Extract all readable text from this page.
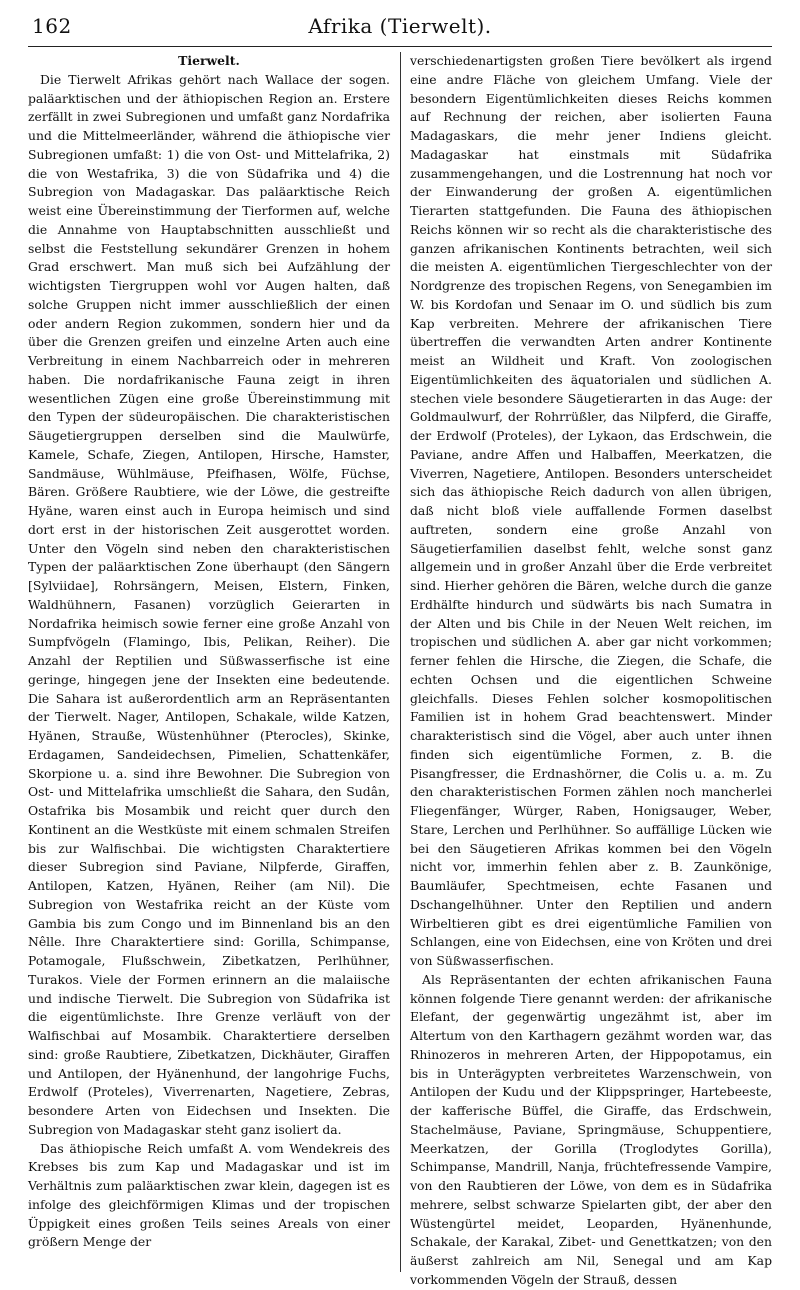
162	Afrika (Tierwelt).

Tierwelt.

Die Tierwelt Afrikas gehört nach Wallace der sogen. paläarktischen und der äthiopischen Region an. Erstere zerfällt in zwei Subregionen und umfaßt ganz Nordafrika und die Mittelmeerländer, während die äthiopische vier Subregionen umfaßt: 1) die von Ost- und Mittelafrika, 2) die von Westafrika, 3) die von Südafrika und 4) die Subregion von Madagaskar. Das paläarktische Reich weist eine Übereinstimmung der Tierformen auf, welche die Annahme von Hauptabschnitten ausschließt und selbst die Feststellung sekundärer Grenzen in hohem Grad erschwert. Man muß sich bei Aufzählung der wichtigsten Tiergruppen wohl vor Augen halten, daß solche Gruppen nicht immer ausschließlich der einen oder andern Region zukommen, sondern hier und da über die Grenzen greifen und einzelne Arten auch eine Verbreitung in einem Nachbarreich oder in mehreren haben. Die nordafrikanische Fauna zeigt in ihren wesentlichen Zügen eine große Übereinstimmung mit den Typen der südeuropäischen. Die charakteristischen Säugetiergruppen derselben sind die Maulwürfe, Kamele, Schafe, Ziegen, Antilopen, Hirsche, Hamster, Sandmäuse, Wühlmäuse, Pfeifhasen, Wölfe, Füchse, Bären. Größere Raubtiere, wie der Löwe, die gestreifte Hyäne, waren einst auch in Europa heimisch und sind dort erst in der historischen Zeit ausgerottet worden. Unter den Vögeln sind neben den charakteristischen Typen der paläarktischen Zone überhaupt (den Sängern [Sylviidae], Rohrsängern, Meisen, Elstern, Finken, Waldhühnern, Fasanen) vorzüglich Geierarten in Nordafrika heimisch sowie ferner eine große Anzahl von Sumpfvögeln (Flamingo, Ibis, Pelikan, Reiher). Die Anzahl der Reptilien und Süßwasserfische ist eine geringe, hingegen jene der Insekten eine bedeutende. Die Sahara ist außerordentlich arm an Repräsentanten der Tierwelt. Nager, Antilopen, Schakale, wilde Katzen, Hyänen, Strauße, Wüstenhühner (Pterocles), Skinke, Erdagamen, Sandeidechsen, Pimelien, Schattenkäfer, Skorpione u. a. sind ihre Bewohner. Die Subregion von Ost- und Mittelafrika umschließt die Sahara, den Sudân, Ostafrika bis Mosambik und reicht quer durch den Kontinent an die Westküste mit einem schmalen Streifen bis zur Walfischbai. Die wichtigsten Charaktertiere dieser Subregion sind Paviane, Nilpferde, Giraffen, Antilopen, Katzen, Hyänen, Reiher (am Nil). Die Subregion von Westafrika reicht an der Küste vom Gambia bis zum Congo und im Binnenland bis an den Nêlle. Ihre Charaktertiere sind: Gorilla, Schimpanse, Potamogale, Flußschwein, Zibetkatzen, Perlhühner, Turakos. Viele der Formen erinnern an die malaiische und indische Tierwelt. Die Subregion von Südafrika ist die eigentümlichste. Ihre Grenze verläuft von der Walfischbai auf Mosambik. Charaktertiere derselben sind: große Raubtiere, Zibetkatzen, Dickhäuter, Giraffen und Antilopen, der Hyänenhund, der langohrige Fuchs, Erdwolf (Proteles), Viverrenarten, Nagetiere, Zebras, besondere Arten von Eidechsen und Insekten. Die Subregion von Madagaskar steht ganz isoliert da.

Das äthiopische Reich umfaßt A. vom Wendekreis des Krebses bis zum Kap und Madagaskar und ist im Verhältnis zum paläarktischen zwar klein, dagegen ist es infolge des gleichförmigen Klimas und der tropischen Üppigkeit eines großen Teils seines Areals von einer größern Menge der

verschiedenartigsten großen Tiere bevölkert als irgend eine andre Fläche von gleichem Umfang. Viele der besondern Eigentümlichkeiten dieses Reichs kommen auf Rechnung der reichen, aber isolierten Fauna Madagaskars, die mehr jener Indiens gleicht. Madagaskar hat einstmals mit Südafrika zusammengehangen, und die Lostrennung hat noch vor der Einwanderung der großen A. eigentümlichen Tierarten stattgefunden. Die Fauna des äthiopischen Reichs können wir so recht als die charakteristische des ganzen afrikanischen Kontinents betrachten, weil sich die meisten A. eigentümlichen Tiergeschlechter von der Nordgrenze des tropischen Regens, von Senegambien im W. bis Kordofan und Senaar im O. und südlich bis zum Kap verbreiten. Mehrere der afrikanischen Tiere übertreffen die verwandten Arten andrer Kontinente meist an Wildheit und Kraft. Von zoologischen Eigentümlichkeiten des äquatorialen und südlichen A. stechen viele besondere Säugetierarten in das Auge: der Goldmaulwurf, der Rohrrüßler, das Nilpferd, die Giraffe, der Erdwolf (Proteles), der Lykaon, das Erdschwein, die Paviane, andre Affen und Halbaffen, Meerkatzen, die Viverren, Nagetiere, Antilopen. Besonders unterscheidet sich das äthiopische Reich dadurch von allen übrigen, daß nicht bloß viele auffallende Formen daselbst auftreten, sondern eine große Anzahl von Säugetierfamilien daselbst fehlt, welche sonst ganz allgemein und in großer Anzahl über die Erde verbreitet sind. Hierher gehören die Bären, welche durch die ganze Erdhälfte hindurch und südwärts bis nach Sumatra in der Alten und bis Chile in der Neuen Welt reichen, im tropischen und südlichen A. aber gar nicht vorkommen; ferner fehlen die Hirsche, die Ziegen, die Schafe, die echten Ochsen und die eigentlichen Schweine gleichfalls. Dieses Fehlen solcher kosmopolitischen Familien ist in hohem Grad beachtenswert. Minder charakteristisch sind die Vögel, aber auch unter ihnen finden sich eigentümliche Formen, z. B. die Pisangfresser, die Erdnashörner, die Colis u. a. m. Zu den charakteristischen Formen zählen noch mancherlei Fliegenfänger, Würger, Raben, Honigsauger, Weber, Stare, Lerchen und Perlhühner. So auffällige Lücken wie bei den Säugetieren Afrikas kommen bei den Vögeln nicht vor, immerhin fehlen aber z. B. Zaunkönige, Baumläufer, Spechtmeisen, echte Fasanen und Dschangelhühner. Unter den Reptilien und andern Wirbeltieren gibt es drei eigentümliche Familien von Schlangen, eine von Eidechsen, eine von Kröten und drei von Süßwasserfischen.

Als Repräsentanten der echten afrikanischen Fauna können folgende Tiere genannt werden: der afrikanische Elefant, der gegenwärtig ungezähmt ist, aber im Altertum von den Karthagern gezähmt worden war, das Rhinozeros in mehreren Arten, der Hippopotamus, ein bis in Unterägypten verbreitetes Warzenschwein, von Antilopen der Kudu und der Klippspringer, Hartebeeste, der kafferische Büffel, die Giraffe, das Erdschwein, Stachelmäuse, Paviane, Springmäuse, Schuppentiere, Meerkatzen, der Gorilla (Troglodytes Gorilla), Schimpanse, Mandrill, Nanja, früchtefressende Vampire, von den Raubtieren der Löwe, von dem es in Südafrika mehrere, selbst schwarze Spielarten gibt, der aber den Wüstengürtel meidet, Leoparden, Hyänenhunde, Schakale, der Karakal, Zibet- und Genettkatzen; von den äußerst zahlreich am Nil, Senegal und am Kap vorkommenden Vögeln der Strauß, dessen
